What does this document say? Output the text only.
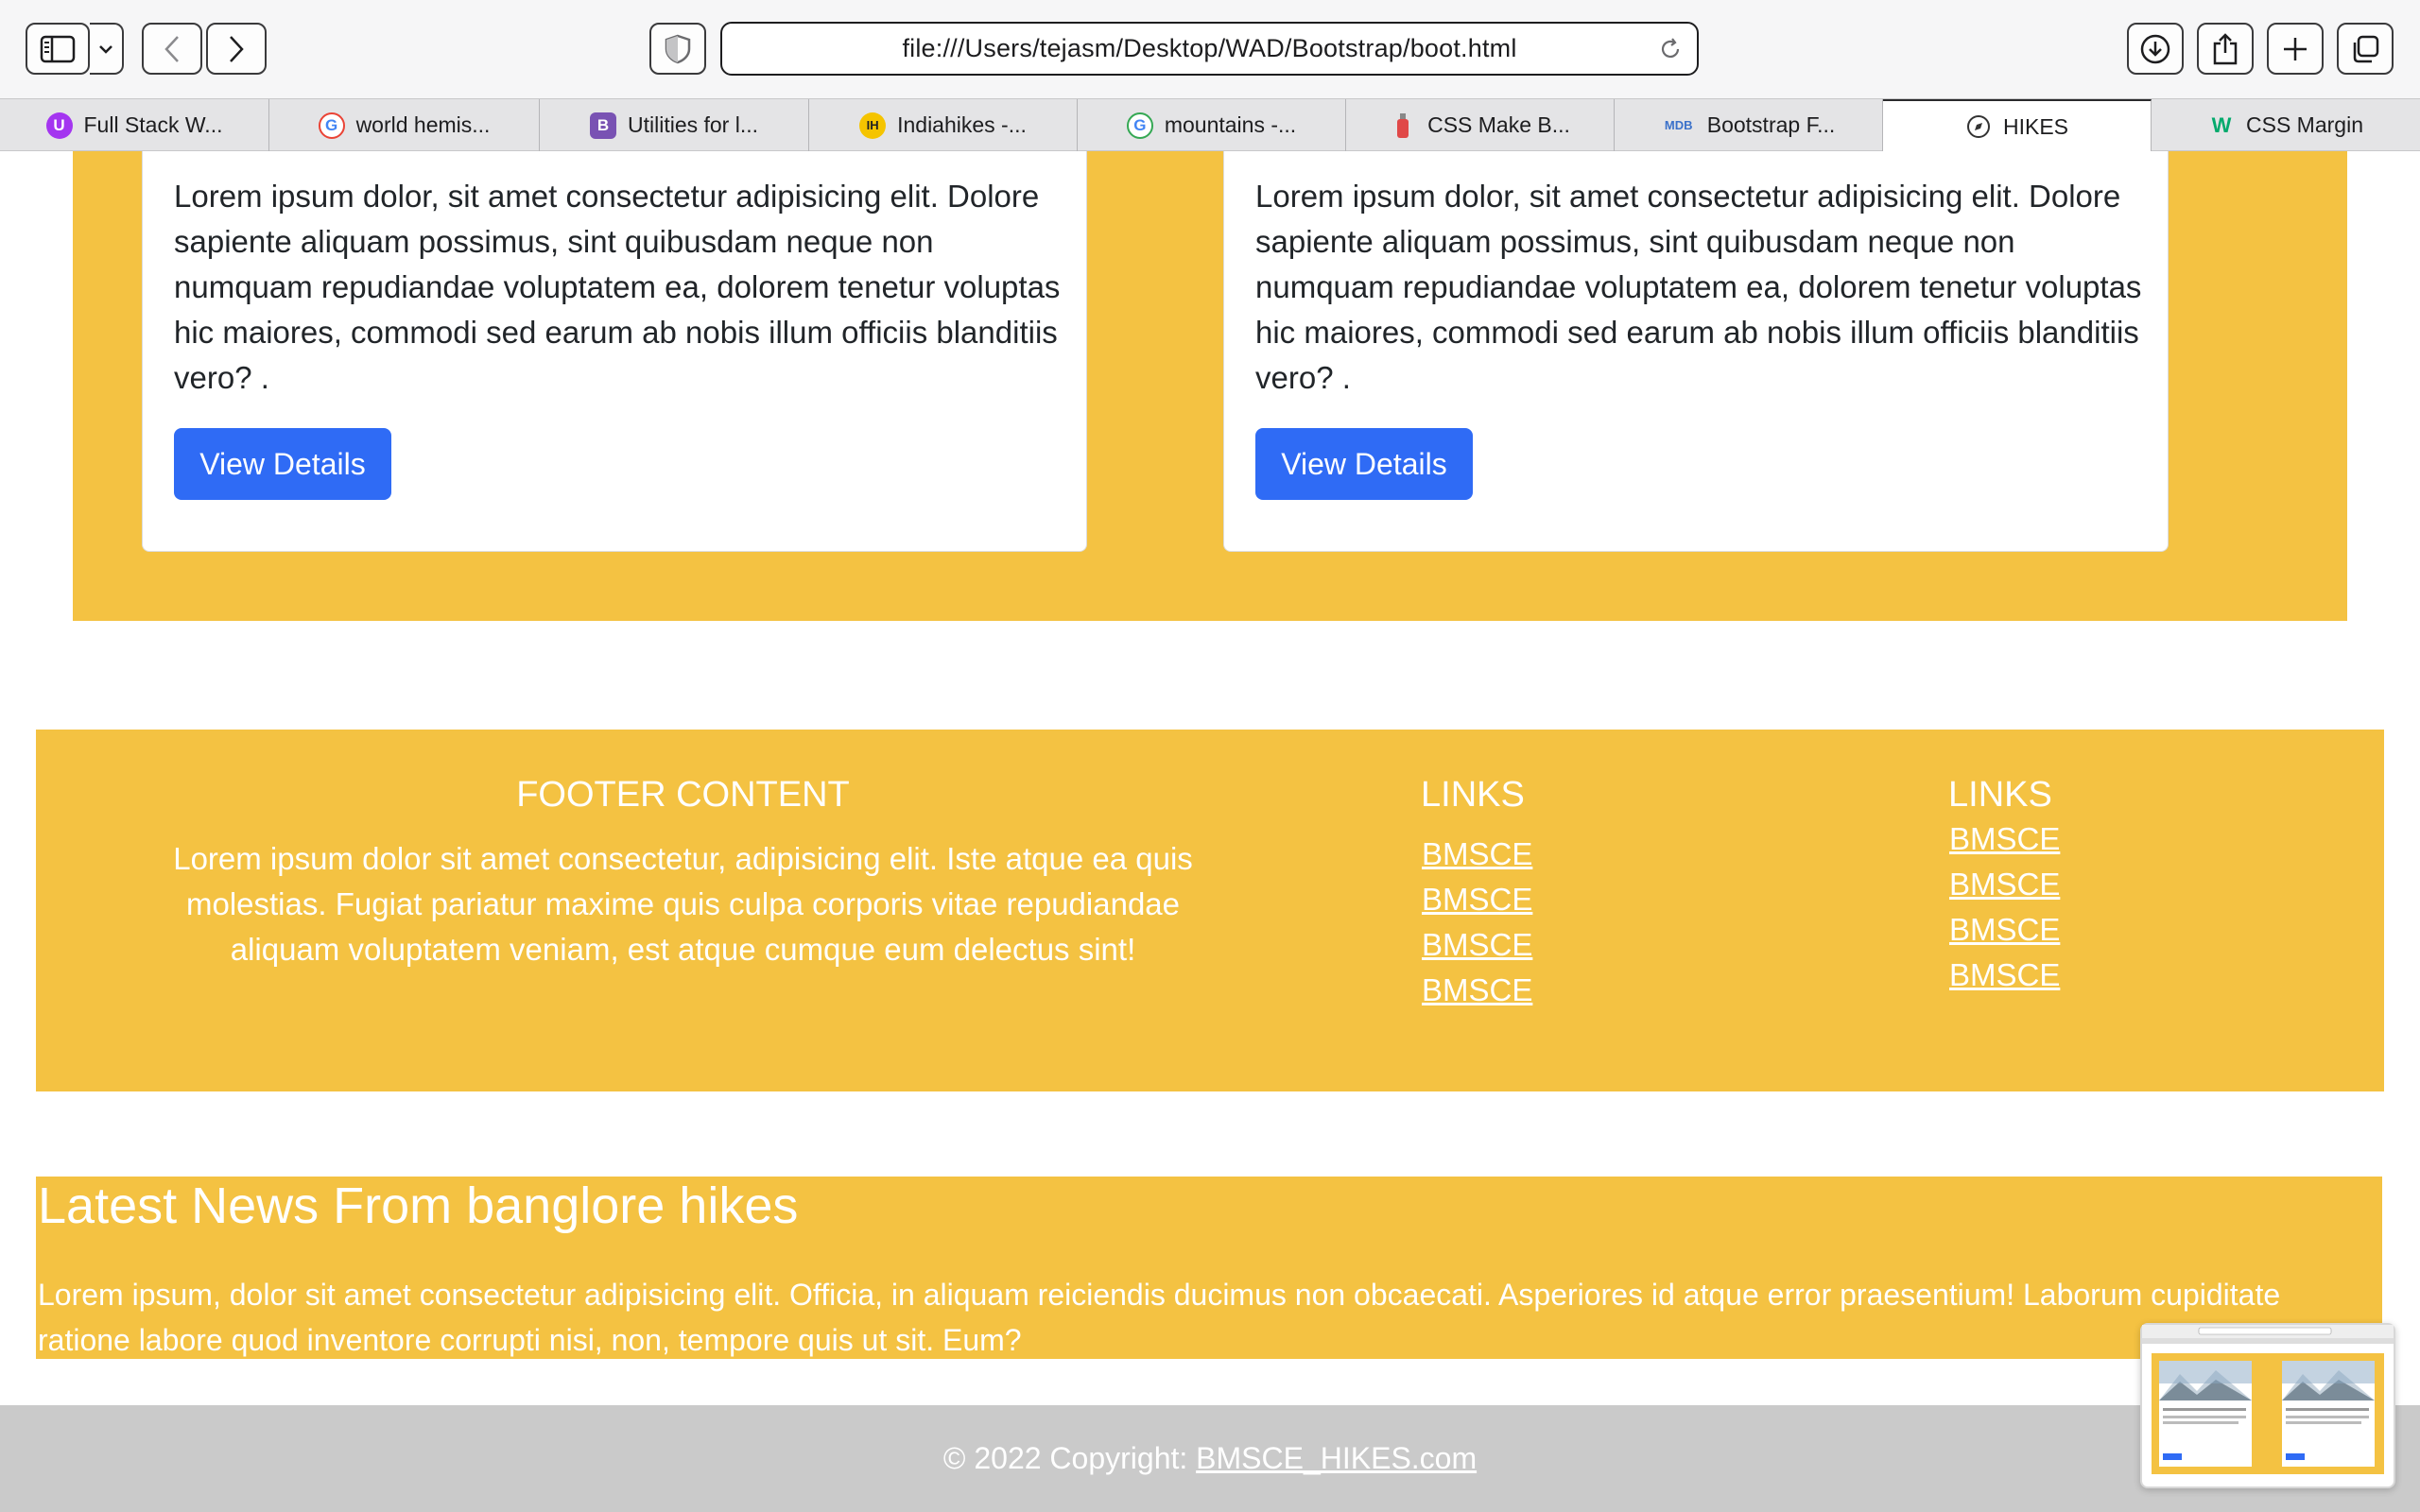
file:///Users/tejasm/Desktop/WAD/Bootstrap/boot.html
U Full Stack W...	G world hemis...	B Utilities for l...	IH Indiahikes -...	G mountains -...	CSS Make B...	MDB Bootstrap F...	HIKES	W CSS Margin

Lorem ipsum dolor, sit amet consectetur adipisicing elit. Dolore sapiente aliquam possimus, sint quibusdam neque non numquam repudiandae voluptatem ea, dolorem tenetur voluptas hic maiores, commodi sed earum ab nobis illum officiis blanditiis vero? .

View Details

Lorem ipsum dolor, sit amet consectetur adipisicing elit. Dolore sapiente aliquam possimus, sint quibusdam neque non numquam repudiandae voluptatem ea, dolorem tenetur voluptas hic maiores, commodi sed earum ab nobis illum officiis blanditiis vero? .

View Details
FOOTER CONTENT

Lorem ipsum dolor sit amet consectetur, adipisicing elit. Iste atque ea quis molestias. Fugiat pariatur maxime quis culpa corporis vitae repudiandae aliquam voluptatem veniam, est atque cumque eum delectus sint!

LINKS
BMSCE
BMSCE
BMSCE
BMSCE
LINKS
BMSCE
BMSCE
BMSCE
BMSCE
Latest News From banglore hikes

Lorem ipsum, dolor sit amet consectetur adipisicing elit. Officia, in aliquam reiciendis ducimus non obcaecati. Asperiores id atque error praesentium! Laborum cupiditate ratione labore quod inventore corrupti nisi, non, tempore quis ut sit. Eum?

© 2022 Copyright: BMSCE_HIKES.com
